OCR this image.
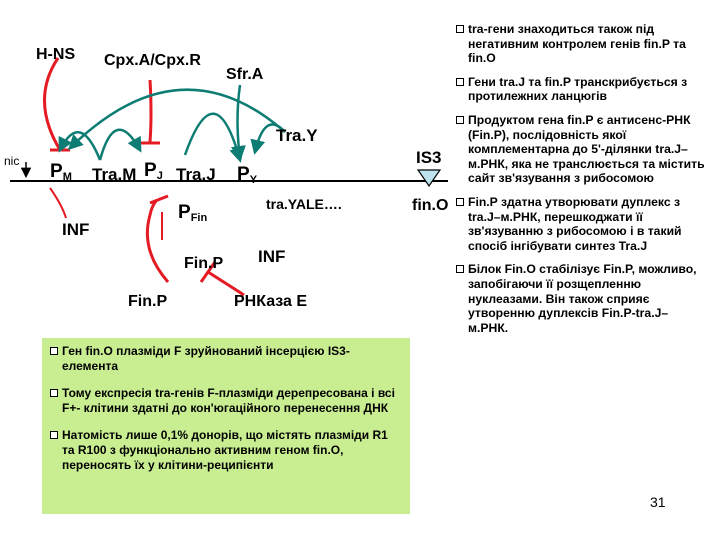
H-NS Cpx.A/Cpx.R
Sfr.A
Tra.Y
nic PM Tra.M PJ Tra.J PY
IS3
INF
PFin
tra.YALE….	fin.O
Fin.P INF
Fin.P	РНКаза Е
Ген fin.O плазміди F зруйнований інсерцією IS3-елемента
Тому експресія tra-генів F-плазміди дерепресована і всі F+- клітини здатні до кон'югаційного перенесення ДНК
Натомість лише 0,1% донорів, що містять плазміди R1 та R100 з функціонально активним геном fin.O, переносять їх у клітини-реципієнти
tra-гени знаходиться також під негативним контролем генів fin.P та fin.O
Гени tra.J та fin.P транскрибується з протилежних ланцюгів
Продуктом гена fin.P є антисенс-РНК (Fin.P), послідовність якої комплементарна до 5'-ділянки tra.J–м.РНК, яка не транслюється та містить сайт зв'язування з рибосомою
Fin.P здатна утворювати дуплекс з tra.J–м.РНК, перешкоджати її зв'язуванню з рибосомою і в такий спосіб інгібувати синтез Tra.J
Білок Fin.O стабілізує Fin.P, можливо, запобігаючи її розщепленню нуклеазами. Він також сприяє утворенню дуплексів Fin.P-tra.J–м.РНК.
31
